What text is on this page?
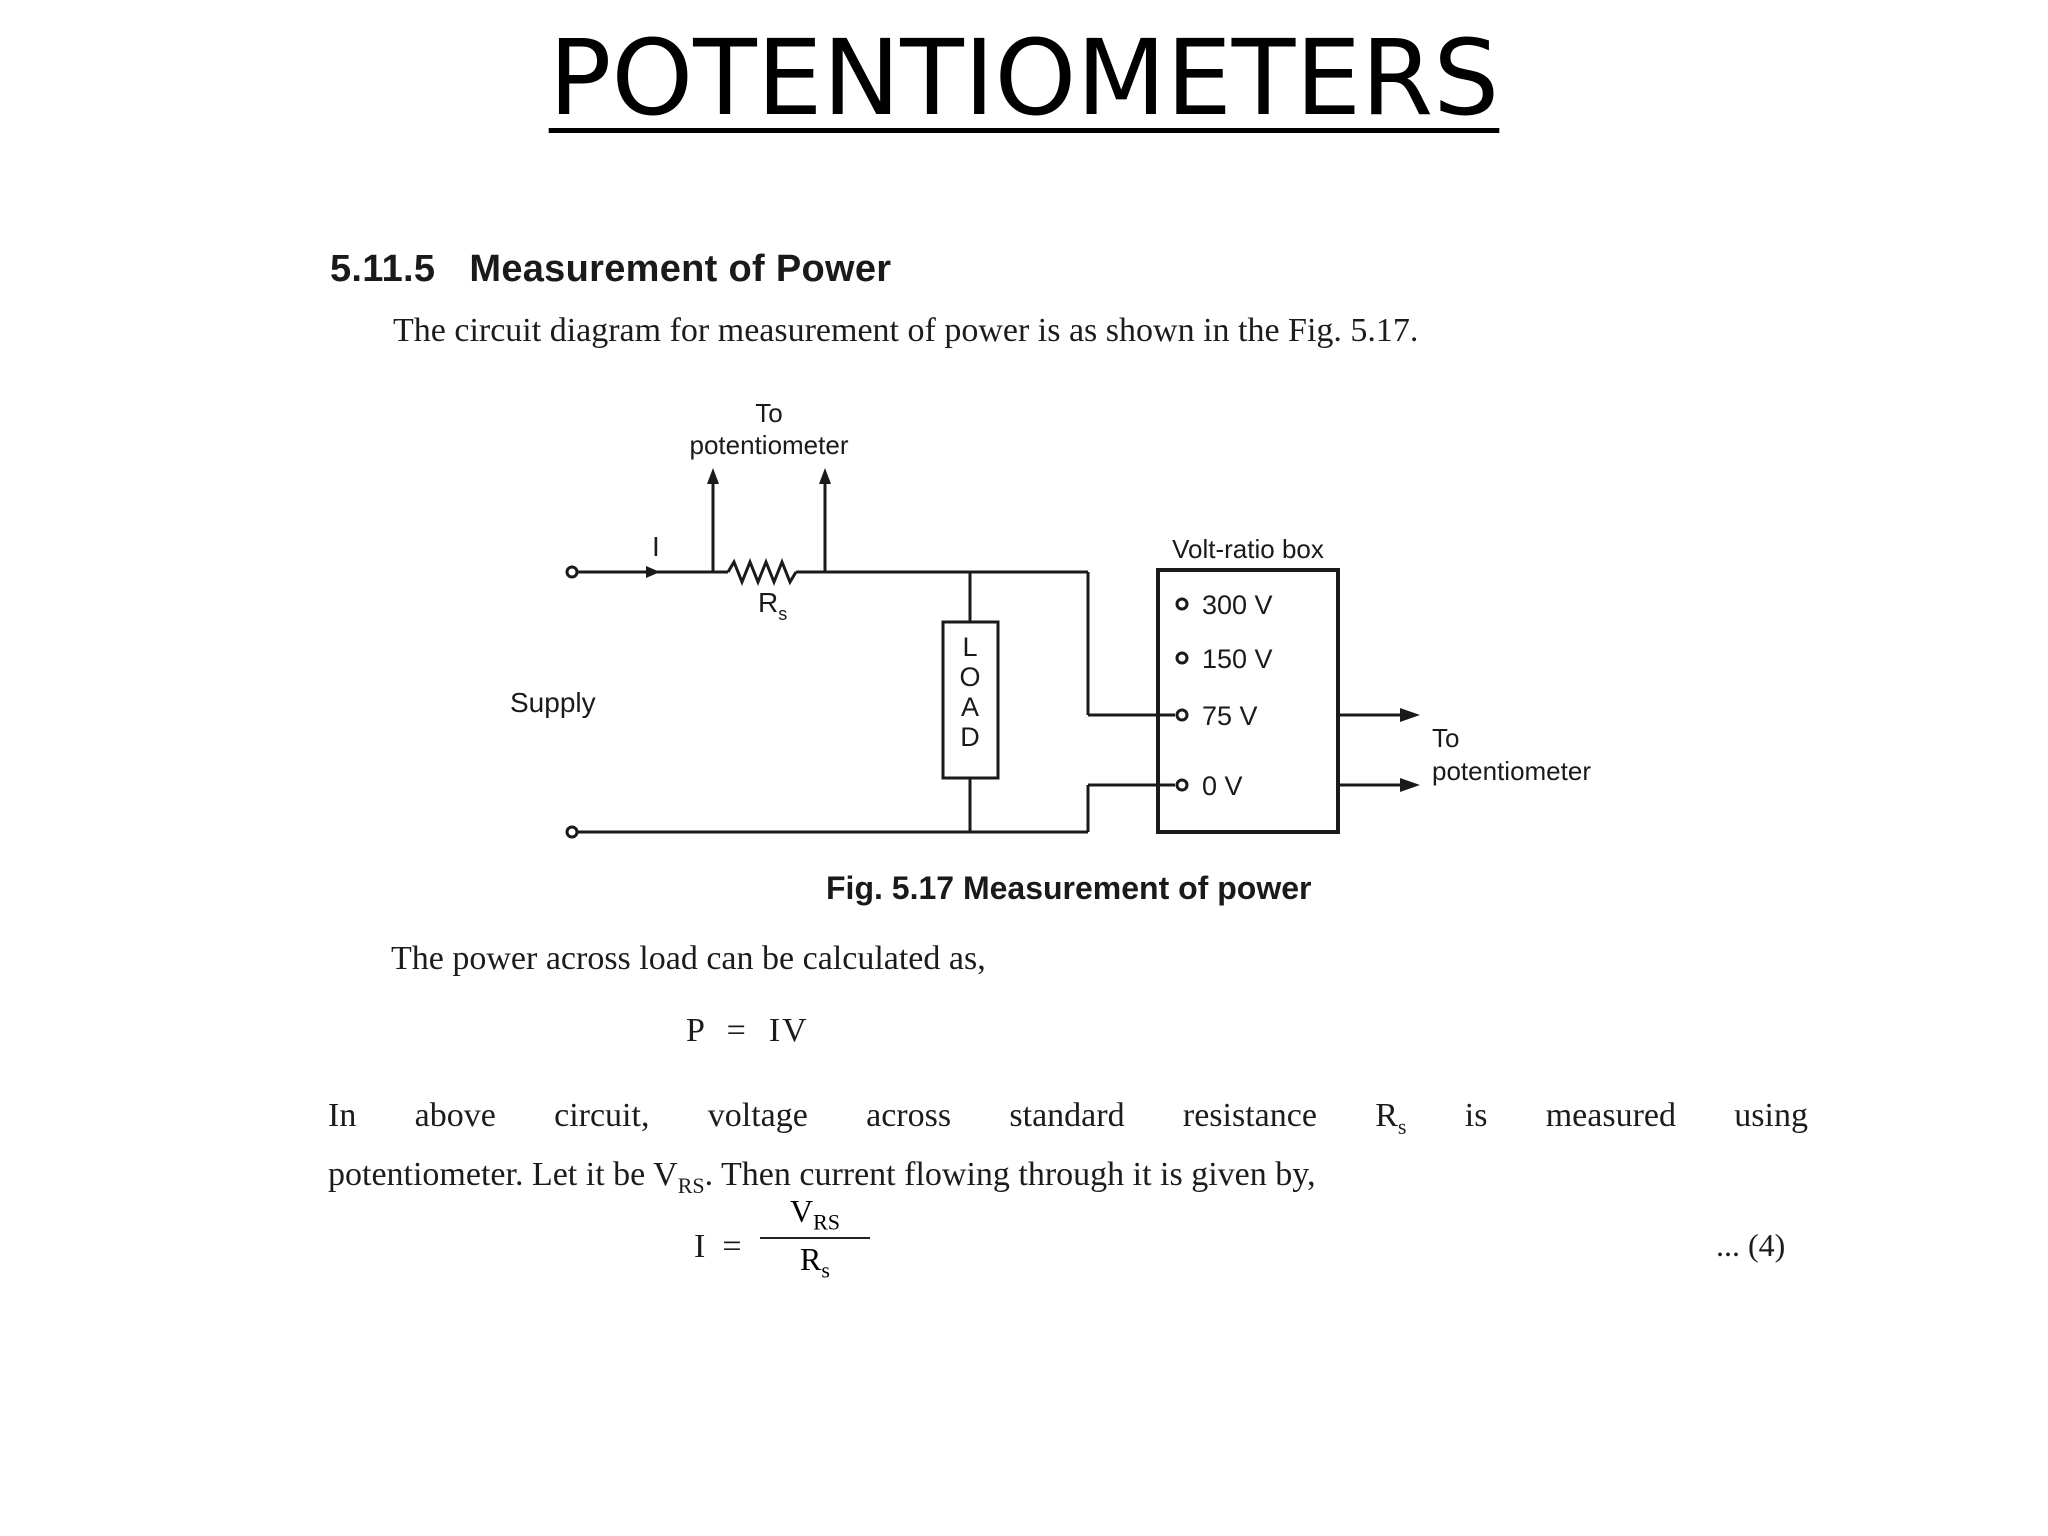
POTENTIOMETERS
5.11.5 Measurement of Power
The circuit diagram for measurement of power is as shown in the Fig. 5.17.
To
potentiometer
I
$R_s$
Supply
L
O
A
D
Volt-ratio box
300 V
150 V
75 V
0 V
To
potentiometer
Fig. 5.17 Measurement of power
The power across load can be calculated as,
P  =  IV
In above circuit, voltage across standard resistance $R_s$ is measured using
potentiometer. Let it be $V_{RS}$. Then current flowing through it is given by,
I  =
$V_{RS}$
$R_s$
... (4)
